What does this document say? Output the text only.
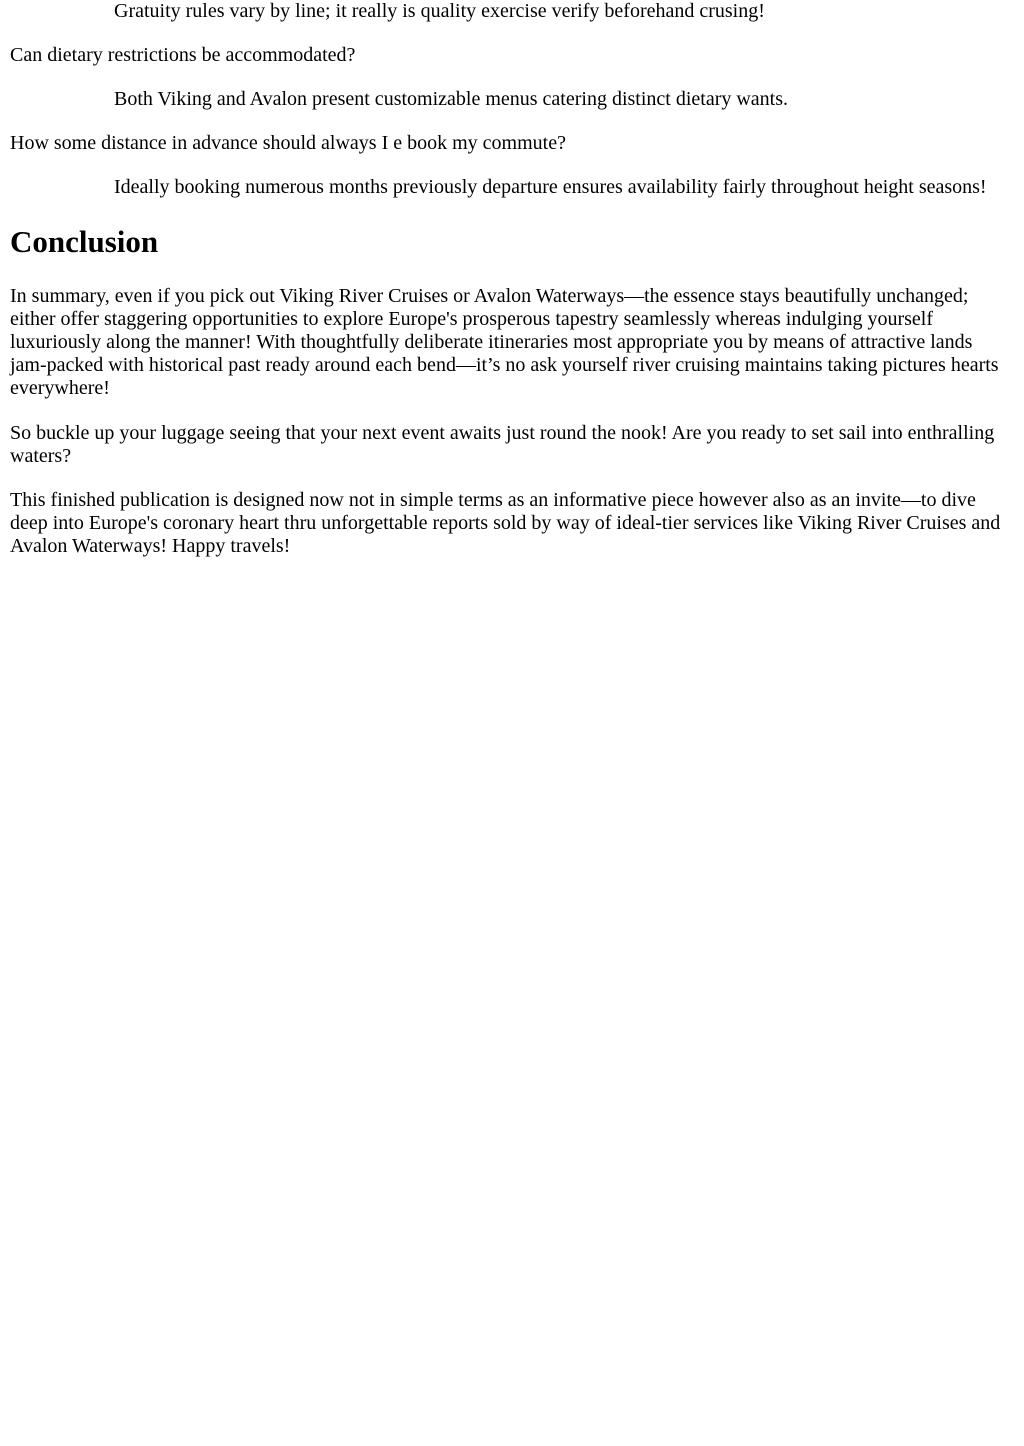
Gratuity rules vary by line; it really is quality exercise verify beforehand crusing!
Can dietary restrictions be accommodated?
Both Viking and Avalon present customizable menus catering distinct dietary wants.
How some distance in advance should always I e book my commute?
Ideally booking numerous months previously departure ensures availability fairly throughout height seasons!
Conclusion

In summary, even if you pick out Viking River Cruises or Avalon Waterways—the essence stays beautifully unchanged; either offer staggering opportunities to explore Europe's prosperous tapestry seamlessly whereas indulging yourself luxuriously along the manner! With thoughtfully deliberate itineraries most appropriate you by means of attractive lands jam-packed with historical past ready around each bend—it’s no ask yourself river cruising maintains taking pictures hearts everywhere!

So buckle up your luggage seeing that your next event awaits just round the nook! Are you ready to set sail into enthralling waters?

This finished publication is designed now not in simple terms as an informative piece however also as an invite—to dive deep into Europe's coronary heart thru unforgettable reports sold by way of ideal-tier services like Viking River Cruises and Avalon Waterways! Happy travels!
